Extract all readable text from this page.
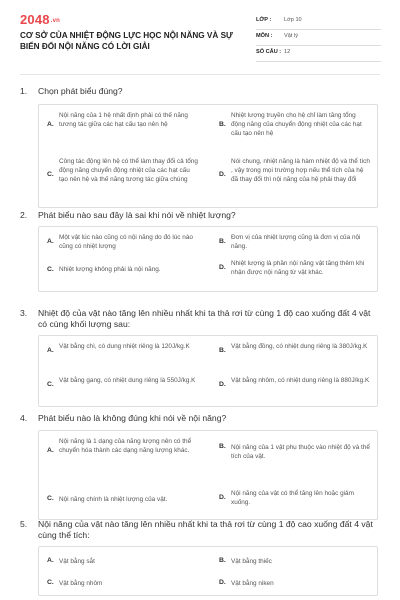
2048.vn
CƠ SỞ CỦA NHIỆT ĐỘNG LỰC HỌC NỘI NĂNG VÀ SỰ BIẾN ĐỔI NỘI NĂNG CÓ LỜI GIẢI
LỚP : Lớp 10
MÔN : Vật lý
SỐ CÂU : 12
1. Chọn phát biểu đúng?
A.
Nội năng của 1 hệ nhất định phải có thế năng tương tác giữa các hạt cấu tạo nên hệ	B.
Nhiệt lượng truyền cho hệ chỉ làm tăng tổng động năng của chuyển động nhiệt của các hạt cấu tạo nên hệ
C.
Công tác động lên hệ có thể làm thay đổi cả tổng động năng chuyển động nhiệt của các hạt cấu tạo nên hệ và thế năng tương tác giữa chúng
D.
Nói chung, nhiệt năng là hàm nhiệt độ và thể tích , vậy trong mọi trường hợp nếu thể tích của hệ đã thay đổi thì nội năng của hệ phải thay đổi
2. Phát biểu nào sau đây là sai khi nói về nhiệt lượng?
A.
Một vật lúc nào cũng có nội năng do đó lúc nào cũng có nhiệt lượng
B.
Đơn vị của nhiệt lượng cũng là đơn vị của nội năng.
C. Nhiệt lượng không phải là nội năng.	D.
Nhiệt lượng là phần nội năng vật tăng thêm khi nhận được nội năng từ vật khác.
3. Nhiệt độ của vật nào tăng lên nhiều nhất khi ta thả rơi từ cùng 1 độ cao xuống đất 4 vật có cùng khối lượng sau:
A.
Vật bằng chì, có dung nhiệt riêng là 120J/kg.K
B.
Vật bằng đồng, có nhiệt dung riêng là 380J/kg.K
C.
Vật bằng gang, có nhiệt dung riêng là 550J/kg.K
D.
Vật bằng nhôm, có nhiệt dung riêng là 880J/kg.K
4. Phát biểu nào là không đúng khi nói về nội năng?
A.
Nội năng là 1 dạng của năng lượng nên có thể chuyển hóa thành các dạng năng lượng khác.
B. Nội năng của 1 vật phụ thuộc vào nhiệt độ và thể tích của vật.
C. Nội năng chính là nhiệt lượng của vật.	D.
Nội năng của vật có thể tăng lên hoặc giảm xuống.
5. Nội năng của vật nào tăng lên nhiều nhất khi ta thả rơi từ cùng 1 độ cao xuống đất 4 vật cùng thể tích:
A. Vật bằng sắt	B. Vật bằng thiếc
C. Vật bằng nhôm	D. Vật bằng niken
